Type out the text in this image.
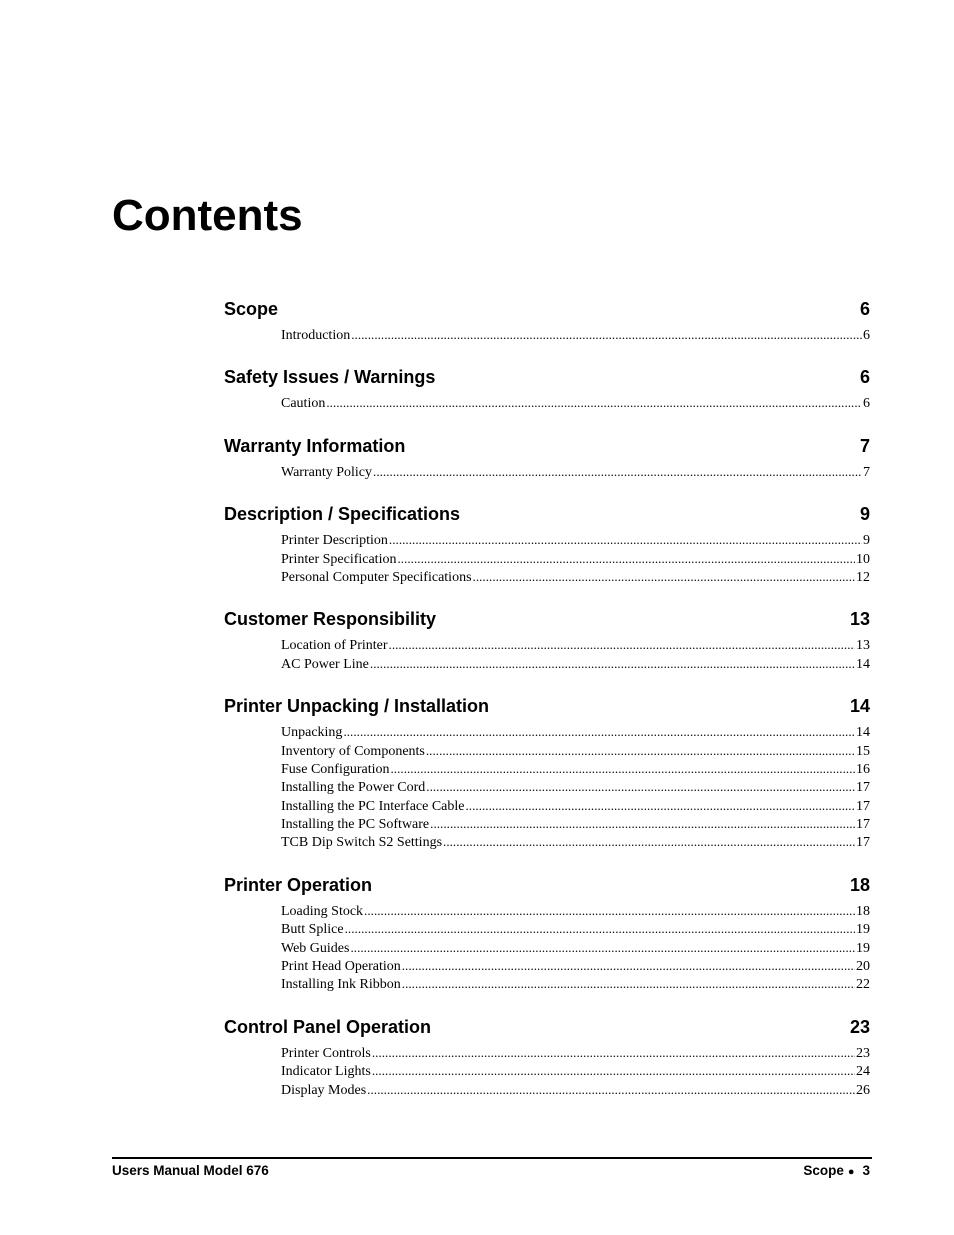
Contents
Scope	6
Introduction . . .	6
Safety Issues / Warnings	6
Caution . . .	6
Warranty Information	7
Warranty Policy . . .	7
Description / Specifications	9
Printer Description . . .	9
Printer Specification . . .	10
Personal Computer Specifications . . .	12
Customer Responsibility	13
Location of Printer . . .	13
AC Power Line . . .	14
Printer Unpacking / Installation	14
Unpacking . . .	14
Inventory of Components . . .	15
Fuse Configuration . . .	16
Installing the Power Cord . . .	17
Installing the PC Interface Cable . . .	17
Installing the PC Software . . .	17
TCB Dip Switch S2 Settings . . .	17
Printer Operation	18
Loading Stock . . .	18
Butt Splice . . .	19
Web Guides . . .	19
Print Head Operation . . .	20
Installing Ink Ribbon . . .	22
Control Panel Operation	23
Printer Controls . . .	23
Indicator Lights . . .	24
Display Modes . . .	26
Users Manual Model 676	Scope ● 3
